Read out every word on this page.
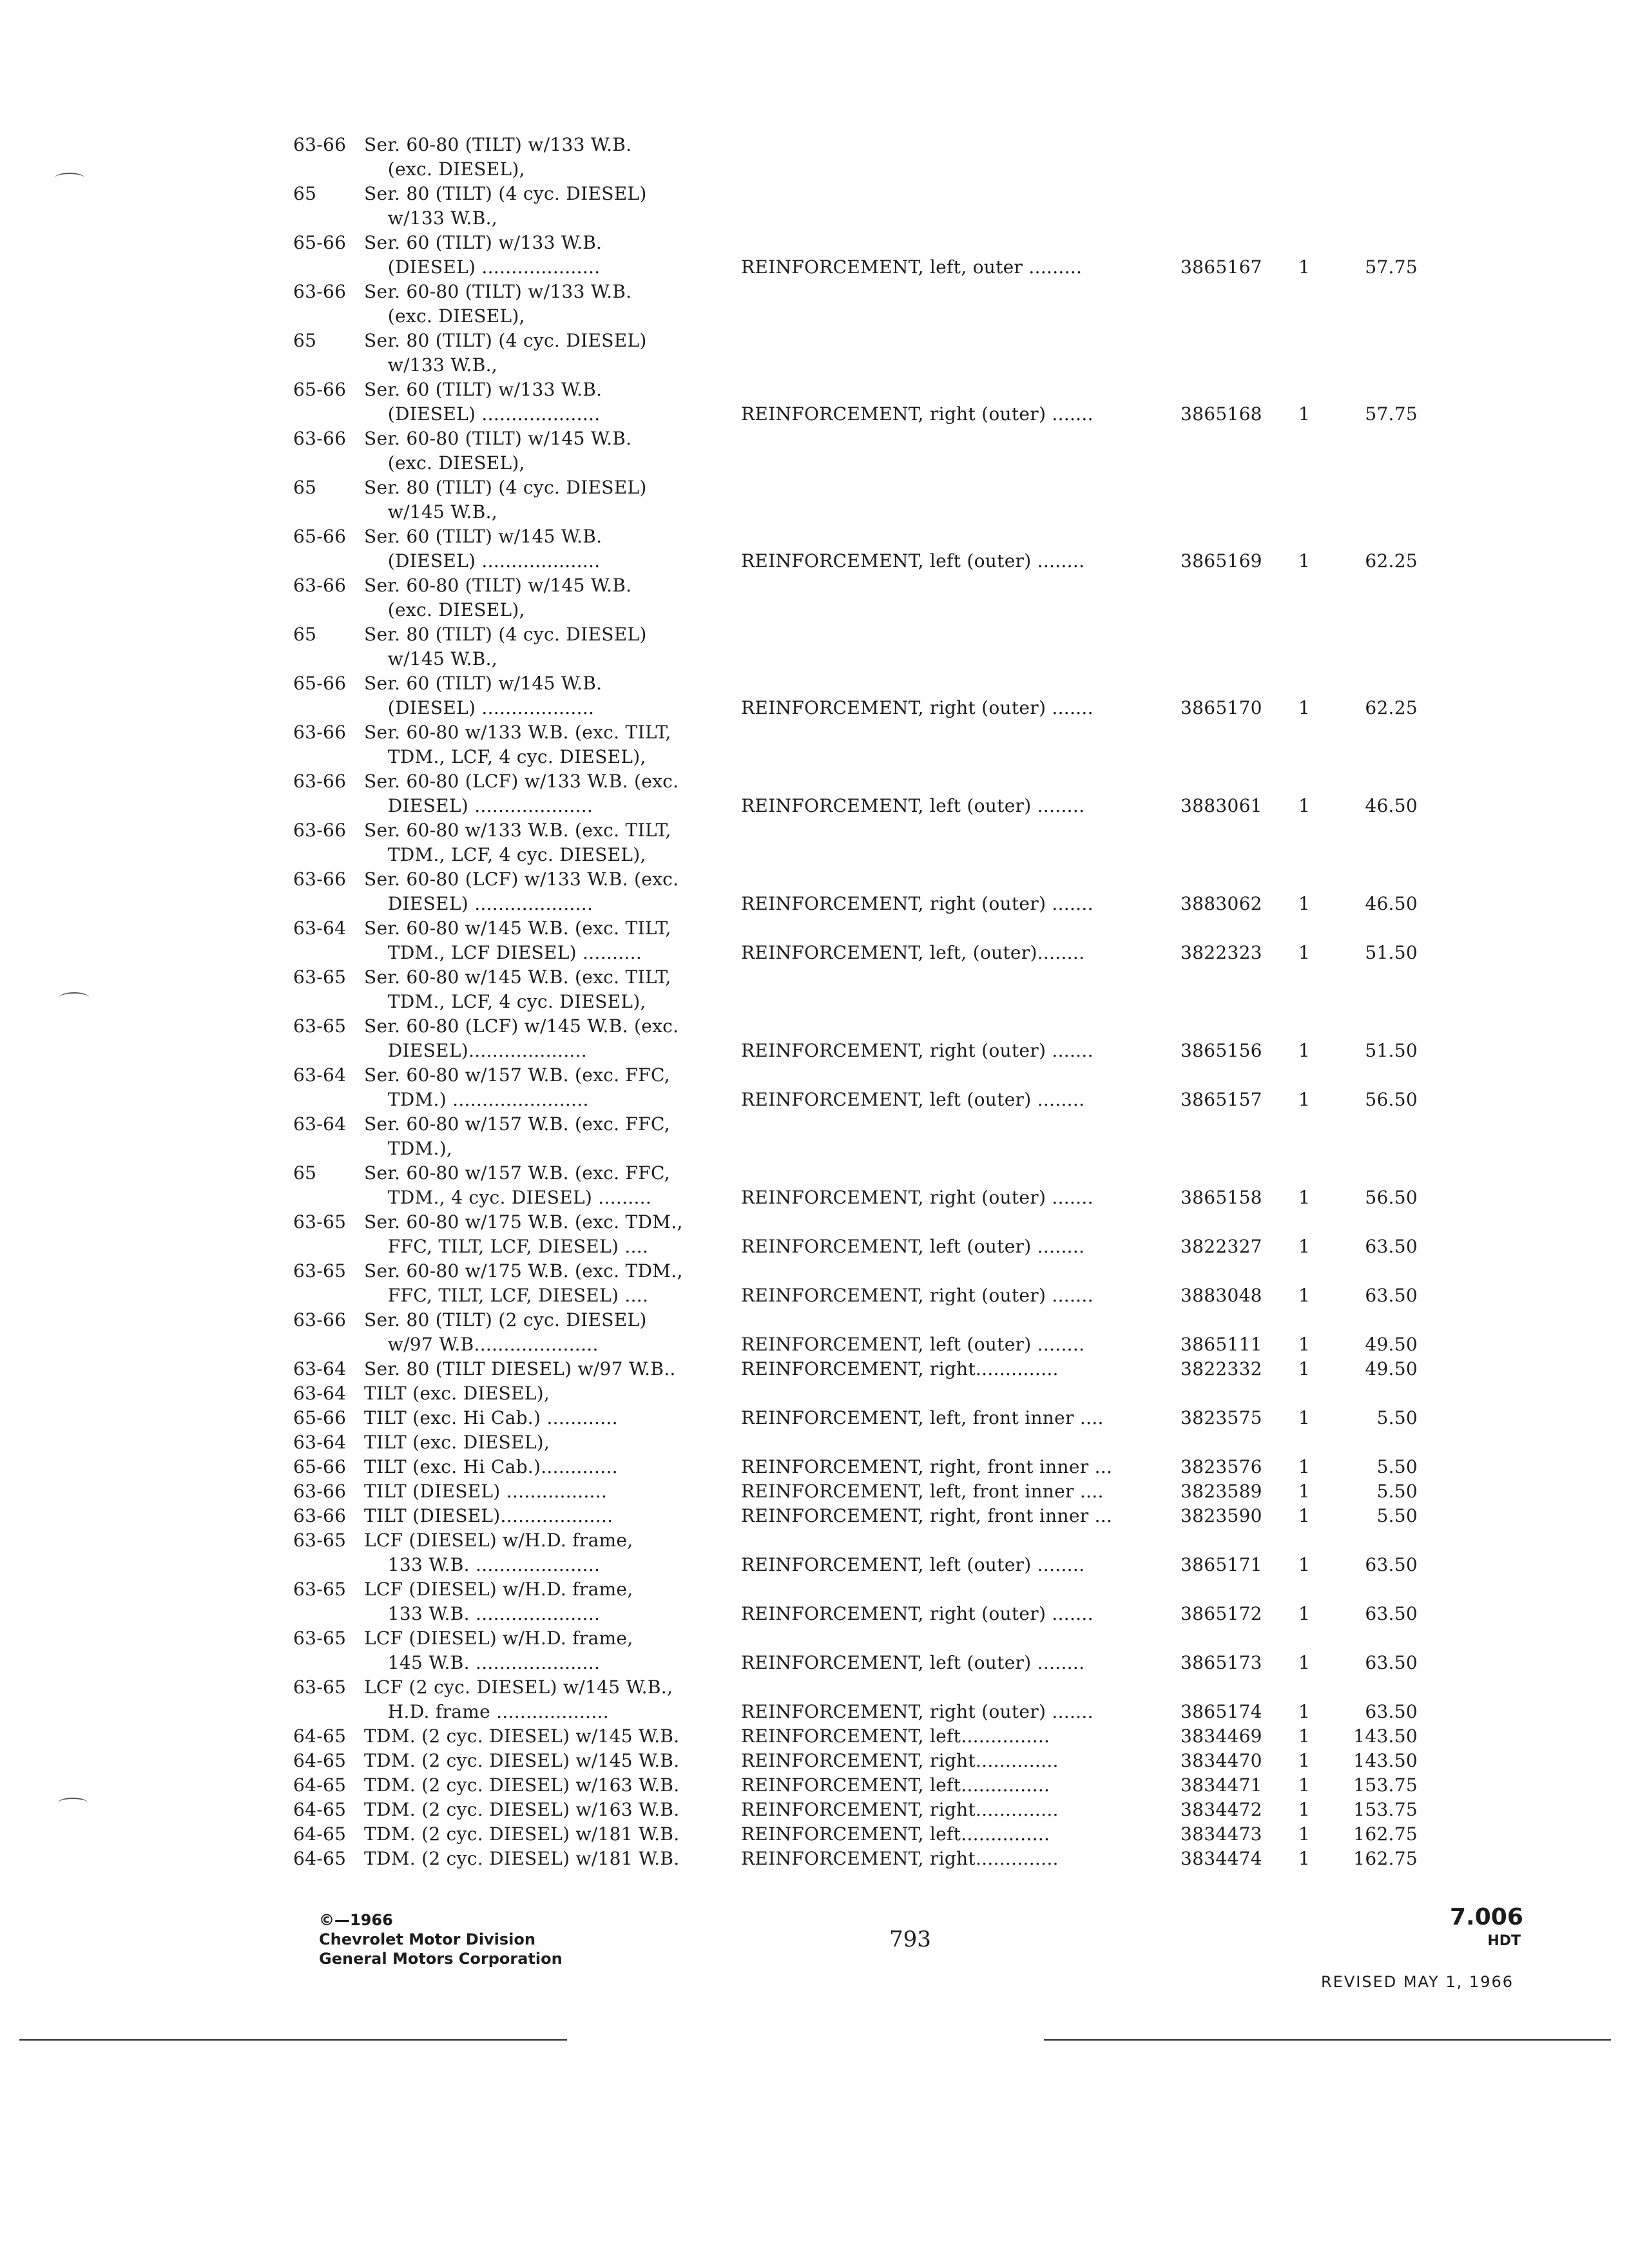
63-66 Ser. 60-80 (TILT) w/133 W.B.
(exc. DIESEL),
65	Ser. 80 (TILT) (4 cyc. DIESEL)
w/133 W.B.,
65-66 Ser. 60 (TILT) w/133 W.B.
(DIESEL) ....................	REINFORCEMENT, left, outer .........	3865167 1	57.75
63-66 Ser. 60-80 (TILT) w/133 W.B.
(exc. DIESEL),
65	Ser. 80 (TILT) (4 cyc. DIESEL)
w/133 W.B.,
65-66 Ser. 60 (TILT) w/133 W.B.
(DIESEL) ....................	REINFORCEMENT, right (outer) .......	3865168 1	57.75
63-66 Ser. 60-80 (TILT) w/145 W.B.
(exc. DIESEL),
65	Ser. 80 (TILT) (4 cyc. DIESEL)
w/145 W.B.,
65-66 Ser. 60 (TILT) w/145 W.B.
(DIESEL) ....................	REINFORCEMENT, left (outer) ........	3865169 1	62.25
63-66 Ser. 60-80 (TILT) w/145 W.B.
(exc. DIESEL),
65	Ser. 80 (TILT) (4 cyc. DIESEL)
w/145 W.B.,
65-66 Ser. 60 (TILT) w/145 W.B.
(DIESEL) ...................	REINFORCEMENT, right (outer) .......	3865170 1	62.25
63-66 Ser. 60-80 w/133 W.B. (exc. TILT,
TDM., LCF, 4 cyc. DIESEL),
63-66 Ser. 60-80 (LCF) w/133 W.B. (exc.
DIESEL) ....................	REINFORCEMENT, left (outer) ........	3883061 1	46.50
63-66 Ser. 60-80 w/133 W.B. (exc. TILT,
TDM., LCF, 4 cyc. DIESEL),
63-66 Ser. 60-80 (LCF) w/133 W.B. (exc.
DIESEL) ....................	REINFORCEMENT, right (outer) .......	3883062 1	46.50
63-64 Ser. 60-80 w/145 W.B. (exc. TILT,
TDM., LCF DIESEL) ..........	REINFORCEMENT, left, (outer)........	3822323 1	51.50
63-65 Ser. 60-80 w/145 W.B. (exc. TILT,
TDM., LCF, 4 cyc. DIESEL),
63-65 Ser. 60-80 (LCF) w/145 W.B. (exc.
DIESEL)....................	REINFORCEMENT, right (outer) .......	3865156 1	51.50
63-64 Ser. 60-80 w/157 W.B. (exc. FFC,
TDM.) .......................	REINFORCEMENT, left (outer) ........	3865157 1	56.50
63-64 Ser. 60-80 w/157 W.B. (exc. FFC,
TDM.),
65	Ser. 60-80 w/157 W.B. (exc. FFC,
TDM., 4 cyc. DIESEL) .........	REINFORCEMENT, right (outer) .......	3865158 1	56.50
63-65 Ser. 60-80 w/175 W.B. (exc. TDM.,
FFC, TILT, LCF, DIESEL) ....	REINFORCEMENT, left (outer) ........	3822327 1	63.50
63-65 Ser. 60-80 w/175 W.B. (exc. TDM.,
FFC, TILT, LCF, DIESEL) ....	REINFORCEMENT, right (outer) .......	3883048 1	63.50
63-66 Ser. 80 (TILT) (2 cyc. DIESEL)
w/97 W.B.....................	REINFORCEMENT, left (outer) ........	3865111 1	49.50
63-64 Ser. 80 (TILT DIESEL) w/97 W.B..	REINFORCEMENT, right..............	3822332 1	49.50
63-64 TILT (exc. DIESEL),
65-66 TILT (exc. Hi Cab.) ............	REINFORCEMENT, left, front inner ....	3823575 1	5.50
63-64 TILT (exc. DIESEL),
65-66 TILT (exc. Hi Cab.).............	REINFORCEMENT, right, front inner ...	3823576 1	5.50
63-66 TILT (DIESEL) .................	REINFORCEMENT, left, front inner ....	3823589 1	5.50
63-66 TILT (DIESEL)...................	REINFORCEMENT, right, front inner ...	3823590 1	5.50
63-65 LCF (DIESEL) w/H.D. frame,
133 W.B. .....................	REINFORCEMENT, left (outer) ........	3865171 1	63.50
63-65 LCF (DIESEL) w/H.D. frame,
133 W.B. .....................	REINFORCEMENT, right (outer) .......	3865172 1	63.50
63-65 LCF (DIESEL) w/H.D. frame,
145 W.B. .....................	REINFORCEMENT, left (outer) ........	3865173 1	63.50
63-65 LCF (2 cyc. DIESEL) w/145 W.B.,
H.D. frame ...................	REINFORCEMENT, right (outer) .......	3865174 1	63.50
64-65 TDM. (2 cyc. DIESEL) w/145 W.B.	REINFORCEMENT, left...............	3834469 1 143.50
64-65 TDM. (2 cyc. DIESEL) w/145 W.B.	REINFORCEMENT, right..............	3834470 1 143.50
64-65 TDM. (2 cyc. DIESEL) w/163 W.B.	REINFORCEMENT, left...............	3834471 1 153.75
64-65 TDM. (2 cyc. DIESEL) w/163 W.B.	REINFORCEMENT, right..............	3834472 1 153.75
64-65 TDM. (2 cyc. DIESEL) w/181 W.B.	REINFORCEMENT, left...............	3834473 1 162.75
64-65 TDM. (2 cyc. DIESEL) w/181 W.B.	REINFORCEMENT, right..............	3834474 1 162.75
©—1966
Chevrolet Motor Division
General Motors Corporation
793
7.006
HDT
REVISED MAY 1, 1966
